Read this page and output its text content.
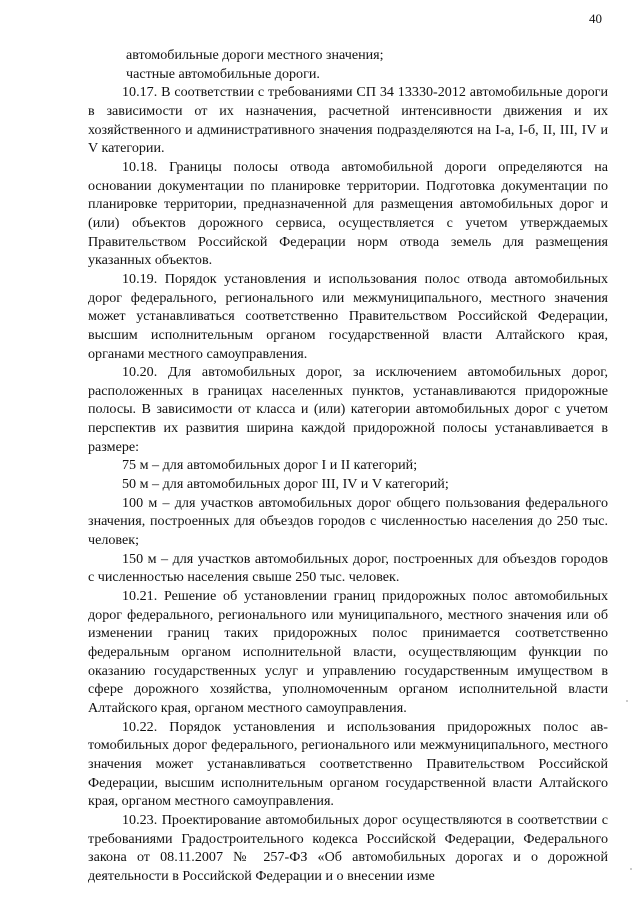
40

автомобильные дороги местного значения;

частные автомобильные дороги.

10.17. В соответствии с требованиями СП 34 13330-2012 автомобильные дороги в зависимости от их назначения, расчетной интенсивности движения и их хозяйственного и административного значения подразделяются на I-а, I-б, II, III, IV и V категории.

10.18. Границы полосы отвода автомобильной дороги определяются на основании документации по планировке территории. Подготовка документации по планировке территории, предназначенной для размещения автомобильных дорог и (или) объектов дорожного сервиса, осуществляется с учетом утверждаемых Правительством Российской Федерации норм отвода земель для размещения указанных объектов.

10.19. Порядок установления и использования полос отвода автомобильных дорог федерального, регионального или межмуниципального, местного значения может устанавливаться соответственно Правительством Российской Федерации, высшим исполнительным органом государственной власти Алтайского края, органами местного самоуправления.

10.20. Для автомобильных дорог, за исключением автомобильных дорог, расположенных в границах населенных пунктов, устанавливаются придорожные полосы. В зависимости от класса и (или) категории автомобильных дорог с учетом перспектив их развития ширина каждой придорожной полосы устанавливается в размере:

75 м – для автомобильных дорог I и II категорий;

50 м – для автомобильных дорог III, IV и V категорий;

100 м – для участков автомобильных дорог общего пользования федерального значения, построенных для объездов городов с численностью населения до 250 тыс. человек;

150 м – для участков автомобильных дорог, построенных для объездов городов с численностью населения свыше 250 тыс. человек.

10.21. Решение об установлении границ придорожных полос автомобильных дорог федерального, регионального или муниципального, местного значения или об изменении границ таких придорожных полос принимается соответственно федеральным органом исполнительной власти, осуществляющим функции по оказанию государственных услуг и управлению государственным имуществом в сфере дорожного хозяйства, уполномоченным органом исполнительной власти Алтайского края, органом местного самоуправления.

10.22. Порядок установления и использования придорожных полос автомобильных дорог федерального, регионального или межмуниципального, местного значения может устанавливаться соответственно Правительством Российской Федерации, высшим исполнительным органом государственной власти Алтайского края, органом местного самоуправления.

10.23. Проектирование автомобильных дорог осуществляются в соответствии с требованиями Градостроительного кодекса Российской Федерации, Федерального закона от 08.11.2007 № 257-ФЗ «Об автомобильных дорогах и о дорожной деятельности в Российской Федерации и о внесении изме
